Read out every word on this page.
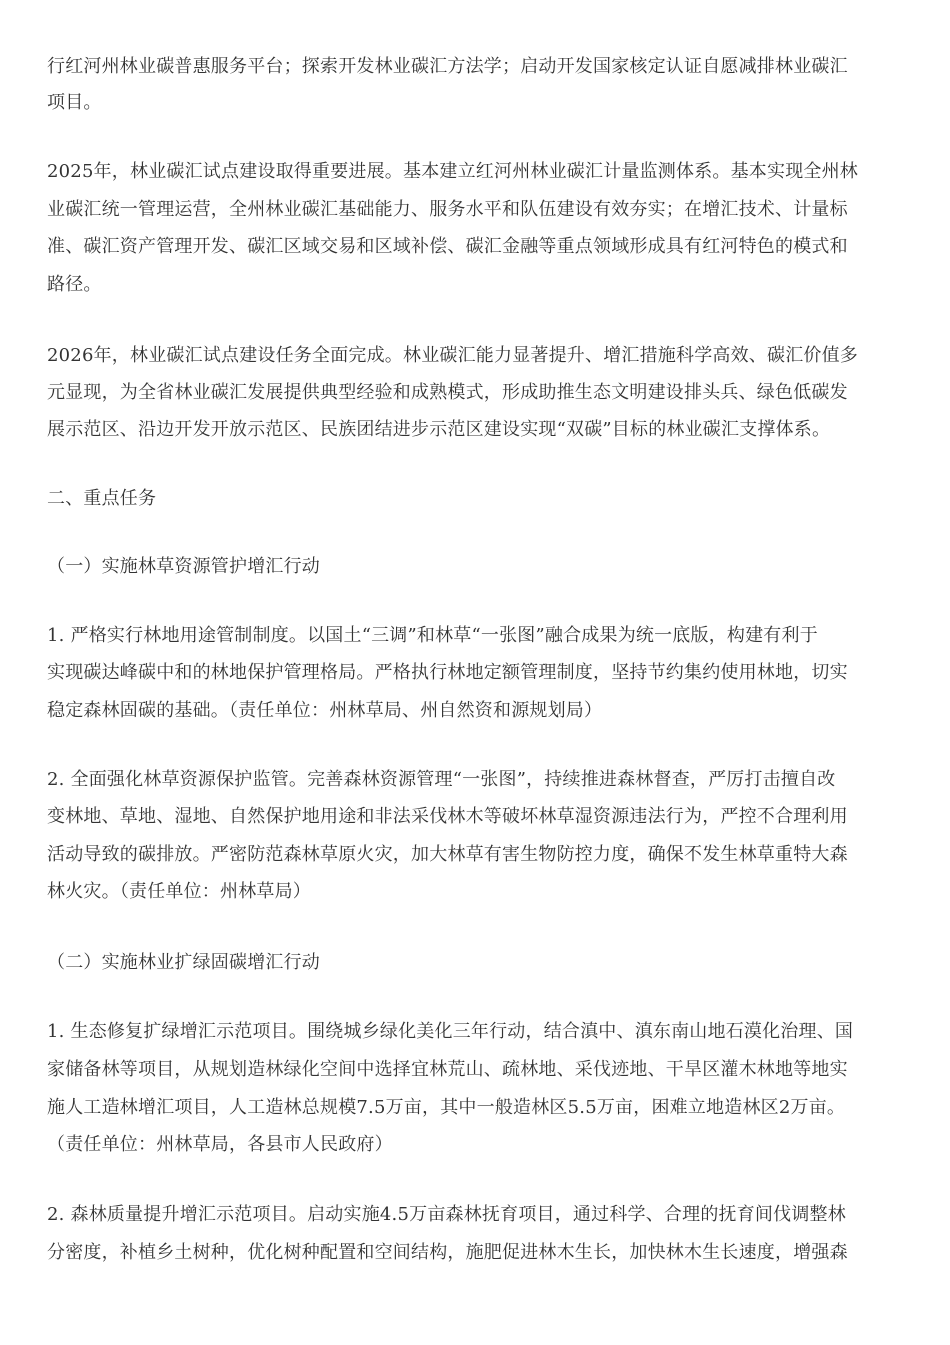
行红河州林业碳普惠服务平台；探索开发林业碳汇方法学；启动开发国家核定认证自愿减排林业碳汇

项目。

2025年，林业碳汇试点建设取得重要进展。基本建立红河州林业碳汇计量监测体系。基本实现全州林

业碳汇统一管理运营，全州林业碳汇基础能力、服务水平和队伍建设有效夯实；在增汇技术、计量标

准、碳汇资产管理开发、碳汇区域交易和区域补偿、碳汇金融等重点领域形成具有红河特色的模式和

路径。

2026年，林业碳汇试点建设任务全面完成。林业碳汇能力显著提升、增汇措施科学高效、碳汇价值多

元显现，为全省林业碳汇发展提供典型经验和成熟模式，形成助推生态文明建设排头兵、绿色低碳发

展示范区、沿边开发开放示范区、民族团结进步示范区建设实现“双碳”目标的林业碳汇支撑体系。

二、重点任务

（一）实施林草资源管护增汇行动

1. 严格实行林地用途管制制度。以国土“三调”和林草“一张图”融合成果为统一底版，构建有利于

实现碳达峰碳中和的林地保护管理格局。严格执行林地定额管理制度，坚持节约集约使用林地，切实

稳定森林固碳的基础。（责任单位：州林草局、州自然资和源规划局）

2. 全面强化林草资源保护监管。完善森林资源管理“一张图”，持续推进森林督查，严厉打击擅自改

变林地、草地、湿地、自然保护地用途和非法采伐林木等破坏林草湿资源违法行为，严控不合理利用

活动导致的碳排放。严密防范森林草原火灾，加大林草有害生物防控力度，确保不发生林草重特大森

林火灾。（责任单位：州林草局）

（二）实施林业扩绿固碳增汇行动

1. 生态修复扩绿增汇示范项目。围绕城乡绿化美化三年行动，结合滇中、滇东南山地石漠化治理、国

家储备林等项目，从规划造林绿化空间中选择宜林荒山、疏林地、采伐迹地、干旱区灌木林地等地实

施人工造林增汇项目，人工造林总规模7.5万亩，其中一般造林区5.5万亩，困难立地造林区2万亩。

（责任单位：州林草局，各县市人民政府）

2. 森林质量提升增汇示范项目。启动实施4.5万亩森林抚育项目，通过科学、合理的抚育间伐调整林

分密度，补植乡土树种，优化树种配置和空间结构，施肥促进林木生长，加快林木生长速度，增强森
